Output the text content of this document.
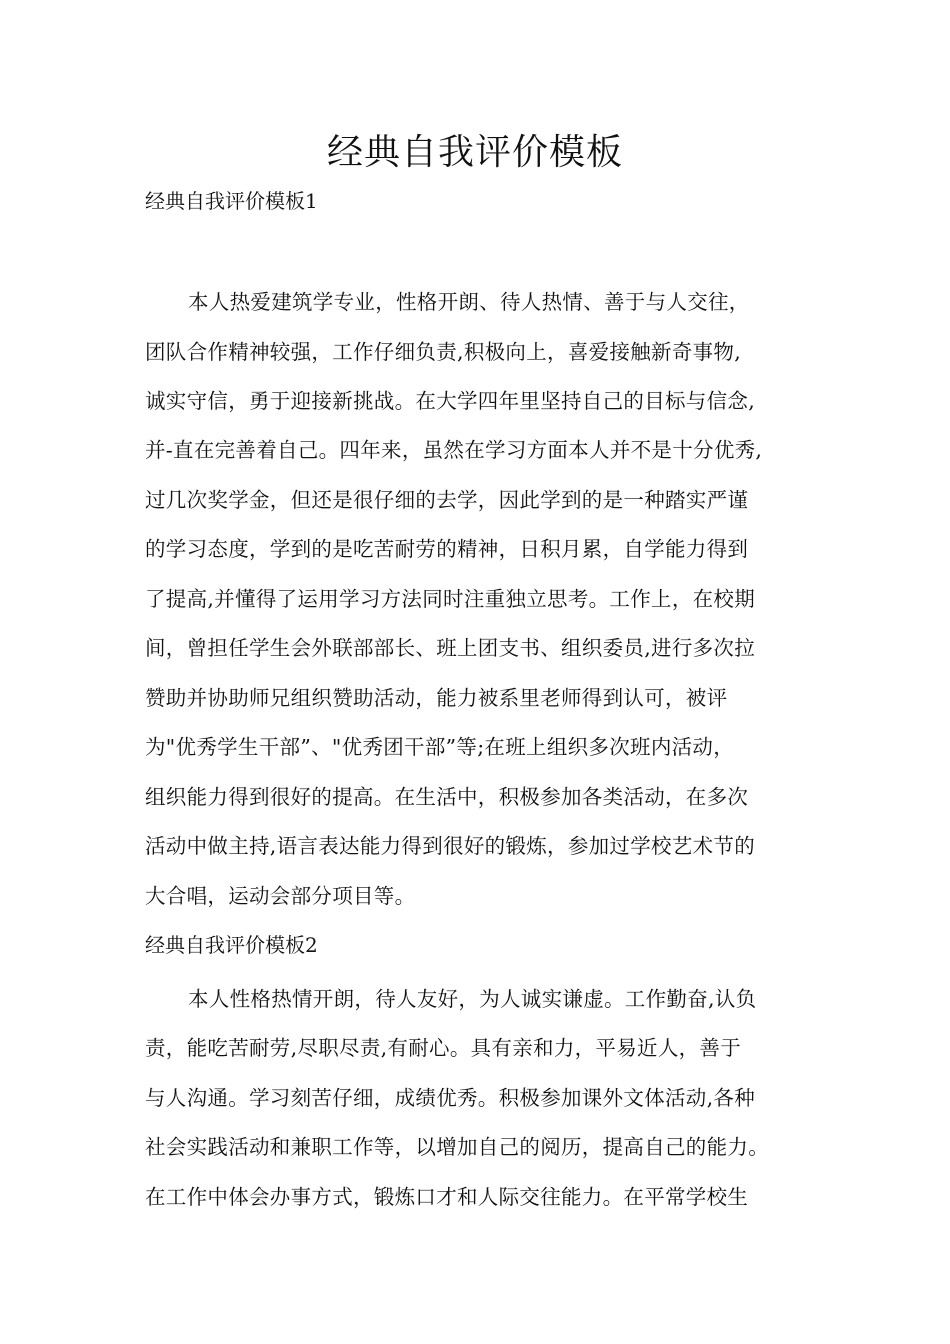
经典自我评价模板

经典自我评价模板1

本人热爱建筑学专业，性格开朗、待人热情、善于与人交往，

团队合作精神较强，工作仔细负责,积极向上，喜爱接触新奇事物,

诚实守信，勇于迎接新挑战。在大学四年里坚持自己的目标与信念,

并-直在完善着自己。四年来，虽然在学习方面本人并不是十分优秀,

过几次奖学金，但还是很仔细的去学，因此学到的是一种踏实严谨

的学习态度，学到的是吃苦耐劳的精神，日积月累，自学能力得到

了提高,并懂得了运用学习方法同时注重独立思考。工作上，在校期

间，曾担任学生会外联部部长、班上团支书、组织委员,进行多次拉

赞助并协助师兄组织赞助活动，能力被系里老师得到认可，被评

为"优秀学生干部”、"优秀团干部”等;在班上组织多次班内活动，

组织能力得到很好的提高。在生活中，积极参加各类活动，在多次

活动中做主持,语言表达能力得到很好的锻炼，参加过学校艺术节的

大合唱，运动会部分项目等。

经典自我评价模板2

本人性格热情开朗，待人友好，为人诚实谦虚。工作勤奋,认负

责，能吃苦耐劳,尽职尽责,有耐心。具有亲和力，平易近人，善于

与人沟通。学习刻苦仔细，成绩优秀。积极参加课外文体活动,各种

社会实践活动和兼职工作等，以增加自己的阅历，提高自己的能力。

在工作中体会办事方式，锻炼口才和人际交往能力。在平常学校生
